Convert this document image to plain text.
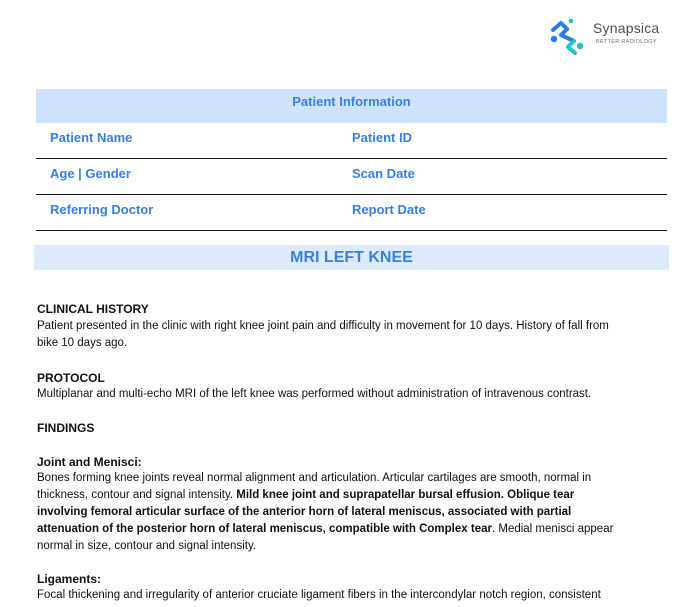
Synapsica
BETTER RADIOLOGY
Patient Information
Patient Name	Patient ID
Age | Gender	Scan Date
Referring Doctor	Report Date
MRI LEFT KNEE
CLINICAL HISTORY
Patient presented in the clinic with right knee joint pain and difficulty in movement for 10 days. History of fall from
bike 10 days ago.
PROTOCOL
Multiplanar and multi-echo MRI of the left knee was performed without administration of intravenous contrast.
FINDINGS
Joint and Menisci:
Bones forming knee joints reveal normal alignment and articulation. Articular cartilages are smooth, normal in
thickness, contour and signal intensity. Mild knee joint and suprapatellar bursal effusion. Oblique tear
involving femoral articular surface of the anterior horn of lateral meniscus, associated with partial
attenuation of the posterior horn of lateral meniscus, compatible with Complex tear. Medial menisci appear
normal in size, contour and signal intensity.
Ligaments:
Focal thickening and irregularity of anterior cruciate ligament fibers in the intercondylar notch region, consistent
